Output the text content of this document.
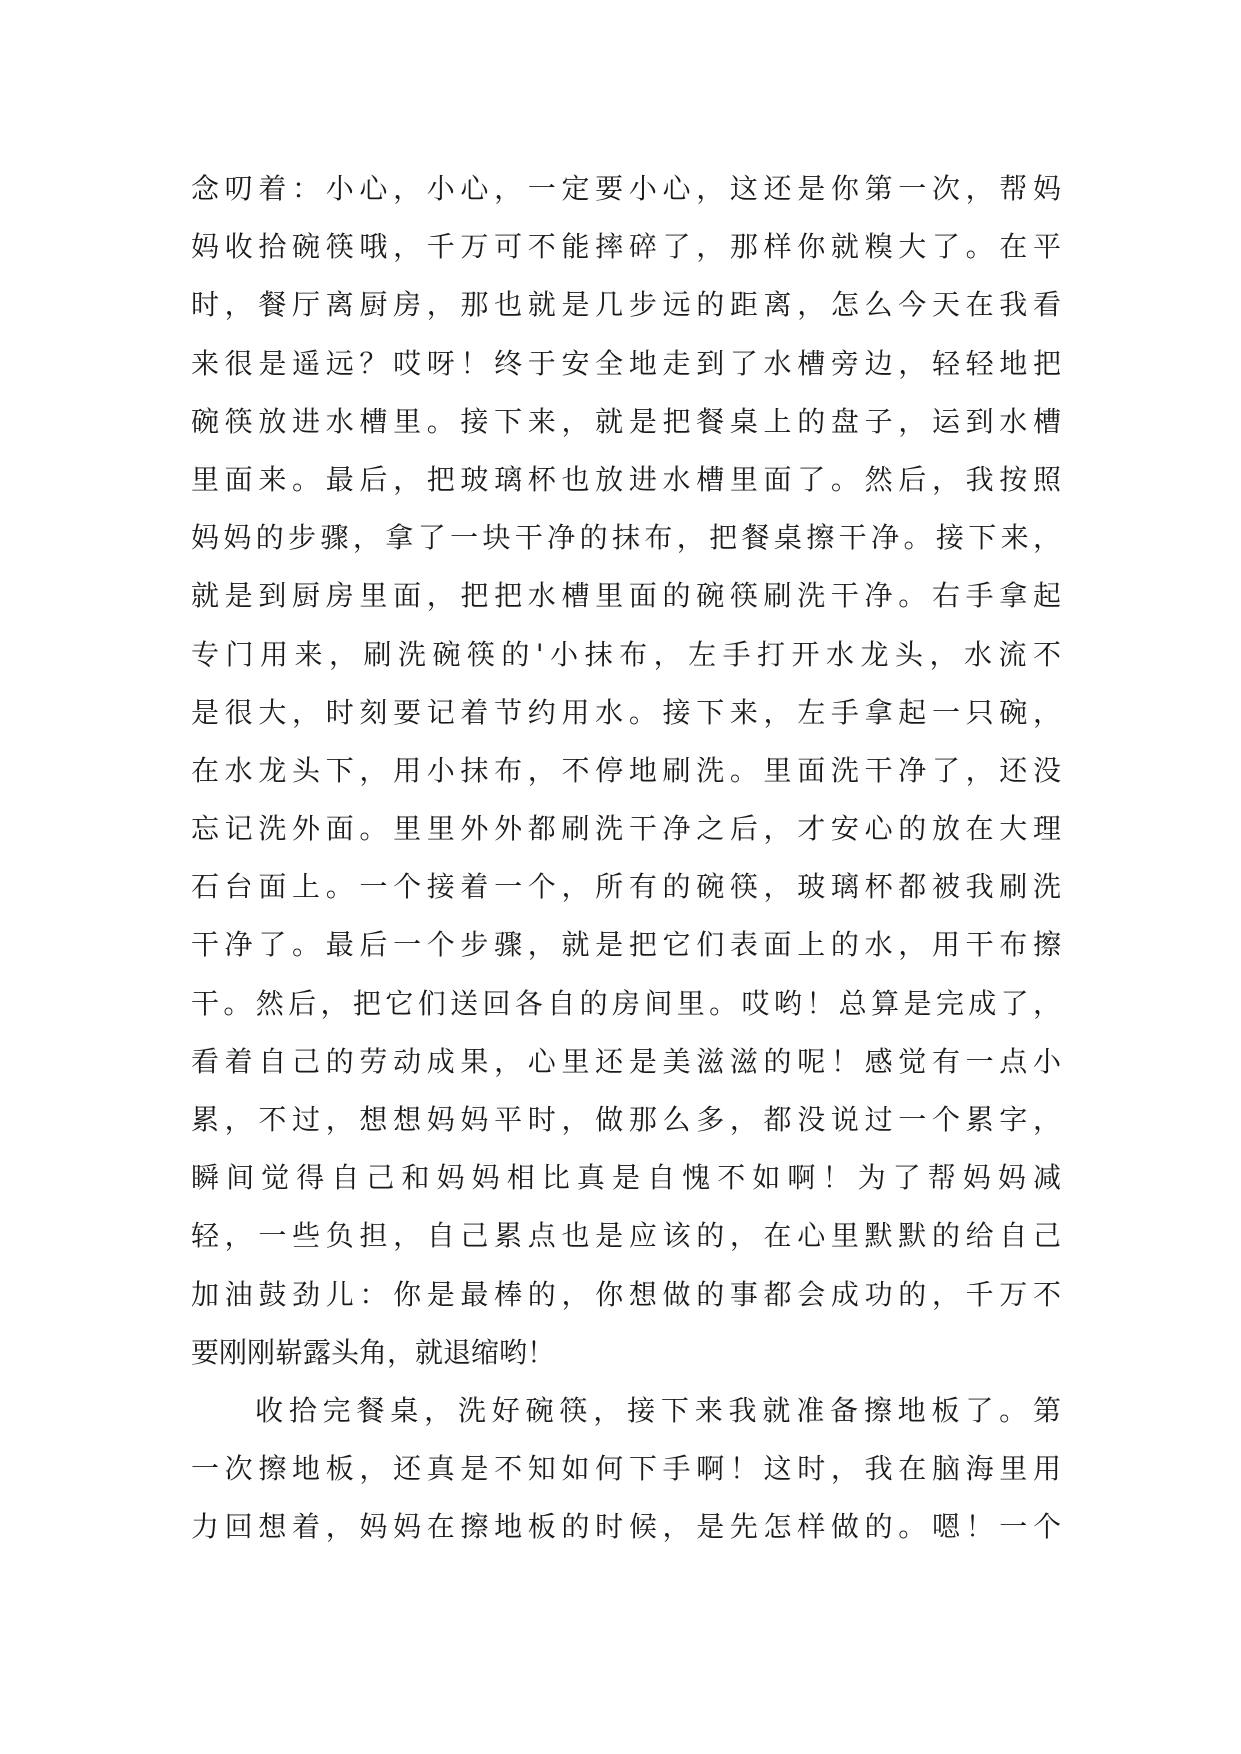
念叨着：小心，小心，一定要小心，这还是你第一次，帮妈
妈收拾碗筷哦，千万可不能摔碎了，那样你就糗大了。在平
时，餐厅离厨房，那也就是几步远的距离，怎么今天在我看
来很是遥远？哎呀！终于安全地走到了水槽旁边，轻轻地把
碗筷放进水槽里。接下来，就是把餐桌上的盘子，运到水槽
里面来。最后，把玻璃杯也放进水槽里面了。然后，我按照
妈妈的步骤，拿了一块干净的抹布，把餐桌擦干净。接下来，
就是到厨房里面，把把水槽里面的碗筷刷洗干净。右手拿起
专门用来，刷洗碗筷的'小抹布，左手打开水龙头，水流不
是很大，时刻要记着节约用水。接下来，左手拿起一只碗，
在水龙头下，用小抹布，不停地刷洗。里面洗干净了，还没
忘记洗外面。里里外外都刷洗干净之后，才安心的放在大理
石台面上。一个接着一个，所有的碗筷，玻璃杯都被我刷洗
干净了。最后一个步骤，就是把它们表面上的水，用干布擦
干。然后，把它们送回各自的房间里。哎哟！总算是完成了，
看着自己的劳动成果，心里还是美滋滋的呢！感觉有一点小
累，不过，想想妈妈平时，做那么多，都没说过一个累字，
瞬间觉得自己和妈妈相比真是自愧不如啊！为了帮妈妈减
轻，一些负担，自己累点也是应该的，在心里默默的给自己
加油鼓劲儿：你是最棒的，你想做的事都会成功的，千万不
要刚刚崭露头角，就退缩哟！
收拾完餐桌，洗好碗筷，接下来我就准备擦地板了。第
一次擦地板，还真是不知如何下手啊！这时，我在脑海里用
力回想着，妈妈在擦地板的时候，是先怎样做的。嗯！一个
